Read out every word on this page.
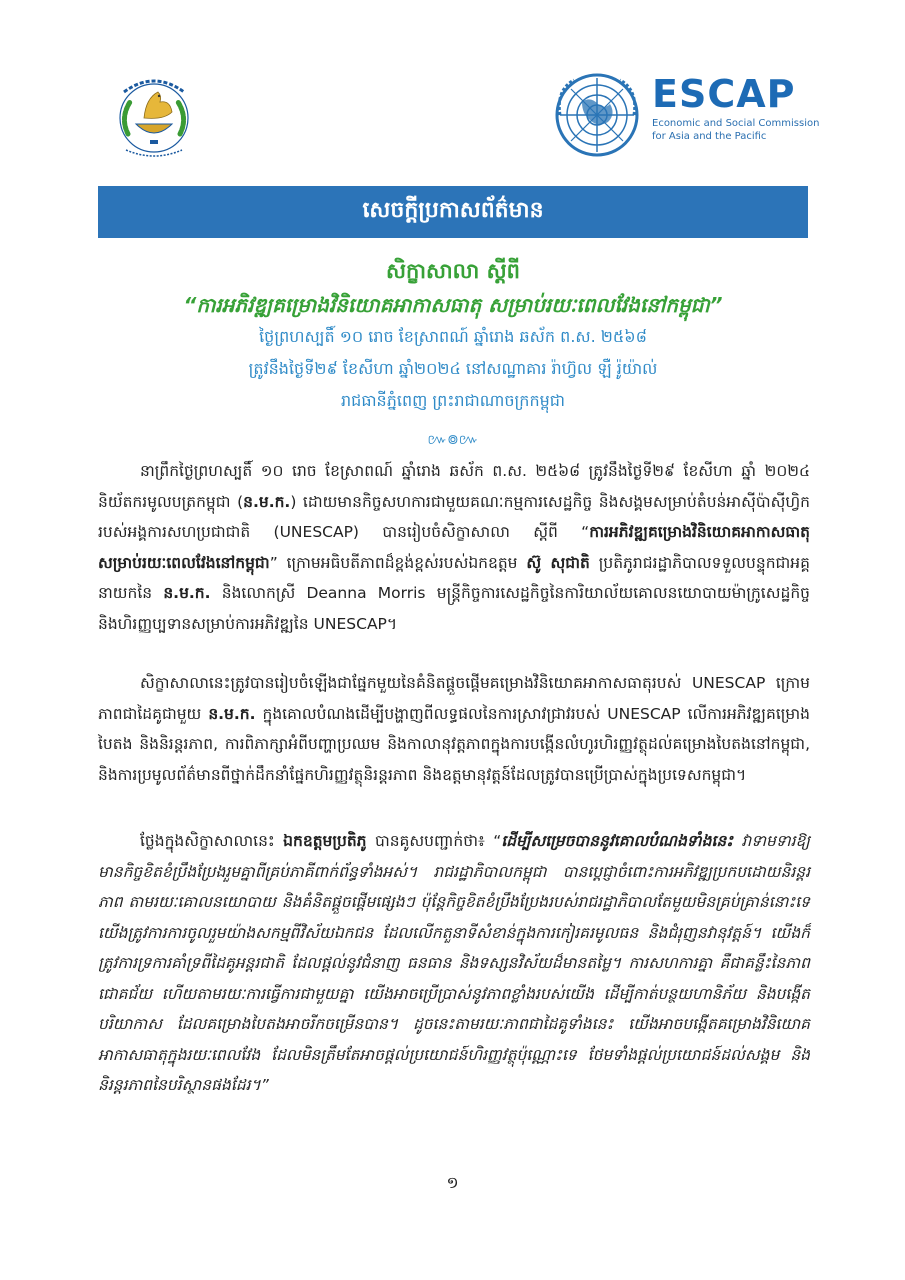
ESCAP
Economic and Social Commission
for Asia and the Pacific
សេចក្តីប្រកាសព័ត៌មាន
សិក្ខាសាលា ស្តីពី
“ការអភិវឌ្ឍគម្រោងវិនិយោគអាកាសធាតុ សម្រាប់រយៈពេលវែងនៅកម្ពុជា”
ថ្ងៃព្រហស្បតិ៍ ១០ រោច ខែស្រាពណ៍ ឆ្នាំរោង ឆស័ក ព.ស. ២៥៦៨
ត្រូវនឹងថ្ងៃទី២៩ ខែសីហា ឆ្នាំ២០២៤ នៅសណ្ឋាគារ រ៉ាហ្វ៊ល ឡឺ រ៉ូយ៉ាល់
រាជធានីភ្នំពេញ ព្រះរាជាណាចក្រកម្ពុជា
៚៙៚

នាព្រឹកថ្ងៃព្រហស្បតិ៍ ១០ រោច ខែស្រាពណ៍ ឆ្នាំរោង ឆស័ក ព.ស. ២៥៦៨ ត្រូវនឹងថ្ងៃទី២៩ ខែសីហា ឆ្នាំ ២០២៤ និយ័តករមូលបត្រកម្ពុជា (ន.ម.ក.) ដោយមានកិច្ចសហការជាមួយគណៈកម្មការសេដ្ឋកិច្ច និងសង្គមសម្រាប់តំបន់អាស៊ីប៉ាស៊ីហ្វិករបស់អង្គការសហប្រជាជាតិ (UNESCAP) បានរៀបចំសិក្ខាសាលា ស្តីពី “ការអភិវឌ្ឍគម្រោងវិនិយោគអាកាសធាតុ សម្រាប់រយៈពេលវែងនៅកម្ពុជា” ក្រោមអធិបតីភាពដ៏ខ្ពង់ខ្ពស់របស់ឯកឧត្តម ស៊ូ សុជាតិ ប្រតិភូរាជរដ្ឋាភិបាលទទួលបន្ទុកជាអគ្គនាយកនៃ ន.ម.ក. និងលោកស្រី Deanna Morris មន្ត្រីកិច្ចការសេដ្ឋកិច្ចនៃការិយាល័យគោលនយោបាយម៉ាក្រូសេដ្ឋកិច្ច និងហិរញ្ញប្បទានសម្រាប់ការអភិវឌ្ឍនៃ UNESCAP។

សិក្ខាសាលានេះត្រូវបានរៀបចំឡើងជាផ្នែកមួយនៃគំនិតផ្តួចផ្តើមគម្រោងវិនិយោគអាកាសធាតុរបស់ UNESCAP ក្រោមភាពជាដៃគូជាមួយ ន.ម.ក. ក្នុងគោលបំណងដើម្បីបង្ហាញពីលទ្ធផលនៃការស្រាវជ្រាវរបស់ UNESCAP លើការអភិវឌ្ឍគម្រោងបៃតង និងនិរន្តរភាព, ការពិភាក្សាអំពីបញ្ហាប្រឈម និងកាលានុវត្តភាពក្នុងការបង្កើនលំហូរហិរញ្ញវត្ថុដល់គម្រោងបៃតងនៅកម្ពុជា, និងការប្រមូលព័ត៌មានពីថ្នាក់ដឹកនាំផ្នែកហិរញ្ញវត្ថុនិរន្តរភាព និងឧត្តមានុវត្តន៍ដែលត្រូវបានប្រើប្រាស់ក្នុងប្រទេសកម្ពុជា។

ថ្លែងក្នុងសិក្ខាសាលានេះ ឯកឧត្តមប្រតិភូ បានគូសបញ្ជាក់ថា៖ “ដើម្បីសម្រេចបាននូវគោលបំណងទាំងនេះ វាទាមទារឱ្យមានកិច្ចខិតខំប្រឹងប្រែងរួមគ្នាពីគ្រប់ភាគីពាក់ព័ន្ធទាំងអស់។ រាជរដ្ឋាភិបាលកម្ពុជា បានប្តេជ្ញាចំពោះការអភិវឌ្ឍប្រកបដោយនិរន្តរភាព តាមរយៈគោលនយោបាយ និងគំនិតផ្តួចផ្តើមផ្សេងៗ ប៉ុន្តែកិច្ចខិតខំប្រឹងប្រែងរបស់រាជរដ្ឋាភិបាលតែមួយមិនគ្រប់គ្រាន់នោះទេ យើងត្រូវការការចូលរួមយ៉ាងសកម្មពីវិស័យឯកជន ដែលលើកតួនាទីសំខាន់ក្នុងការកៀរគរមូលធន និងជំរុញនវានុវត្តន៍។ យើងក៏ត្រូវការទ្រការគាំទ្រពីដៃគូអន្តរជាតិ ដែលផ្តល់នូវជំនាញ ធនធាន និងទស្សនវិស័យដ៏មានតម្លៃ។ ការសហការគ្នា គឺជាគន្លឹះនៃភាពជោគជ័យ ហើយតាមរយៈការធ្វើការជាមួយគ្នា យើងអាចប្រើប្រាស់នូវភាពខ្លាំងរបស់យើង ដើម្បីកាត់បន្ថយហានិភ័យ និងបង្កើតបរិយាកាស ដែលគម្រោងបៃតងអាចរីកចម្រើនបាន។ ដូចនេះតាមរយៈភាពជាដៃគូទាំងនេះ យើងអាចបង្កើតគម្រោងវិនិយោគអាកាសធាតុក្នុងរយៈពេលវែង ដែលមិនត្រឹមតែអាចផ្តល់ប្រយោជន៍ហិរញ្ញវត្ថុប៉ុណ្ណោះទេ ថែមទាំងផ្តល់ប្រយោជន៍ដល់សង្គម និងនិរន្តរភាពនៃបរិស្ថានផងដែរ។”

១
